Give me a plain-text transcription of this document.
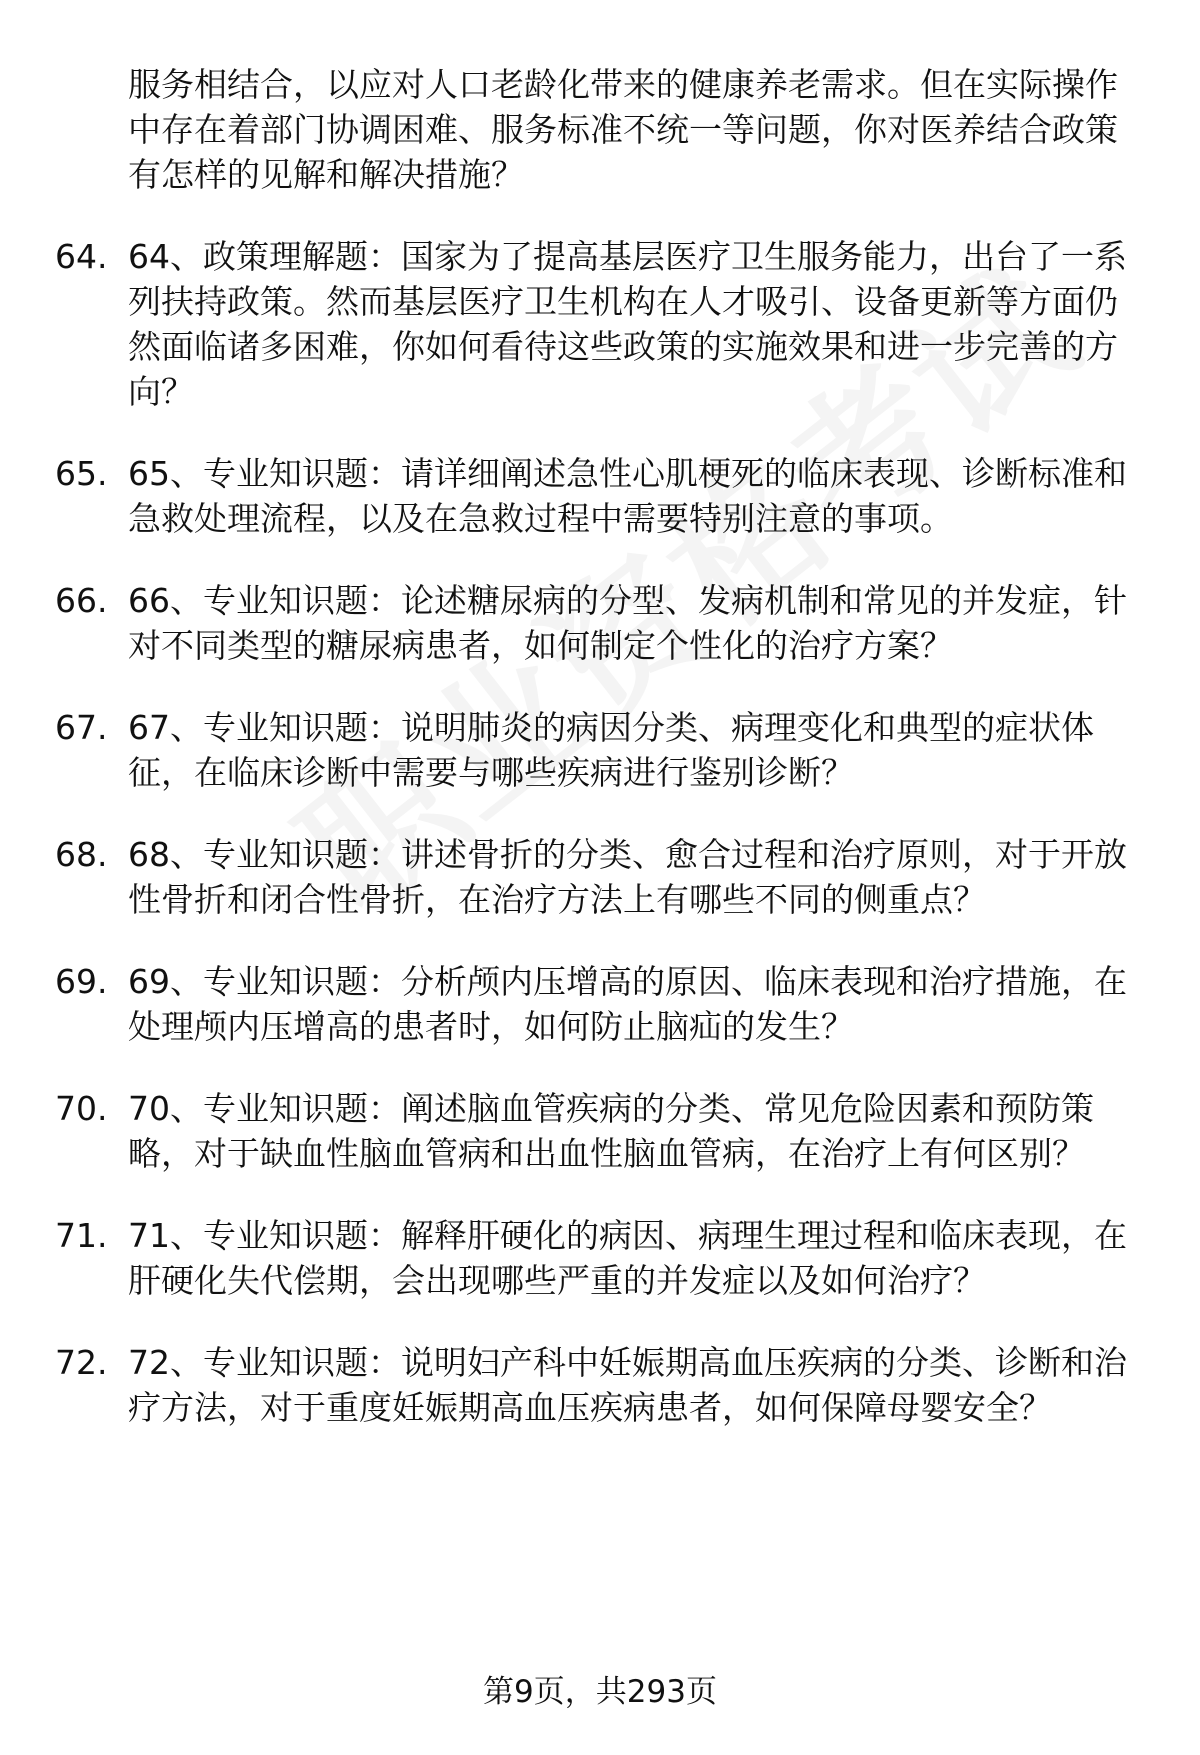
服务相结合，以应对人口老龄化带来的健康养老需求。但在实际操作中存在着部门协调困难、服务标准不统一等问题，你对医养结合政策有怎样的见解和解决措施？

64. 64、政策理解题：国家为了提高基层医疗卫生服务能力，出台了一系列扶持政策。然而基层医疗卫生机构在人才吸引、设备更新等方面仍然面临诸多困难，你如何看待这些政策的实施效果和进一步完善的方向？
65. 65、专业知识题：请详细阐述急性心肌梗死的临床表现、诊断标准和急救处理流程，以及在急救过程中需要特别注意的事项。
66. 66、专业知识题：论述糖尿病的分型、发病机制和常见的并发症，针对不同类型的糖尿病患者，如何制定个性化的治疗方案？
67. 67、专业知识题：说明肺炎的病因分类、病理变化和典型的症状体征，在临床诊断中需要与哪些疾病进行鉴别诊断？
68. 68、专业知识题：讲述骨折的分类、愈合过程和治疗原则，对于开放性骨折和闭合性骨折，在治疗方法上有哪些不同的侧重点？
69. 69、专业知识题：分析颅内压增高的原因、临床表现和治疗措施，在处理颅内压增高的患者时，如何防止脑疝的发生？
70. 70、专业知识题：阐述脑血管疾病的分类、常见危险因素和预防策略，对于缺血性脑血管病和出血性脑血管病，在治疗上有何区别？
71. 71、专业知识题：解释肝硬化的病因、病理生理过程和临床表现，在肝硬化失代偿期，会出现哪些严重的并发症以及如何治疗？
72. 72、专业知识题：说明妇产科中妊娠期高血压疾病的分类、诊断和治疗方法，对于重度妊娠期高血压疾病患者，如何保障母婴安全？
第9页，共293页
